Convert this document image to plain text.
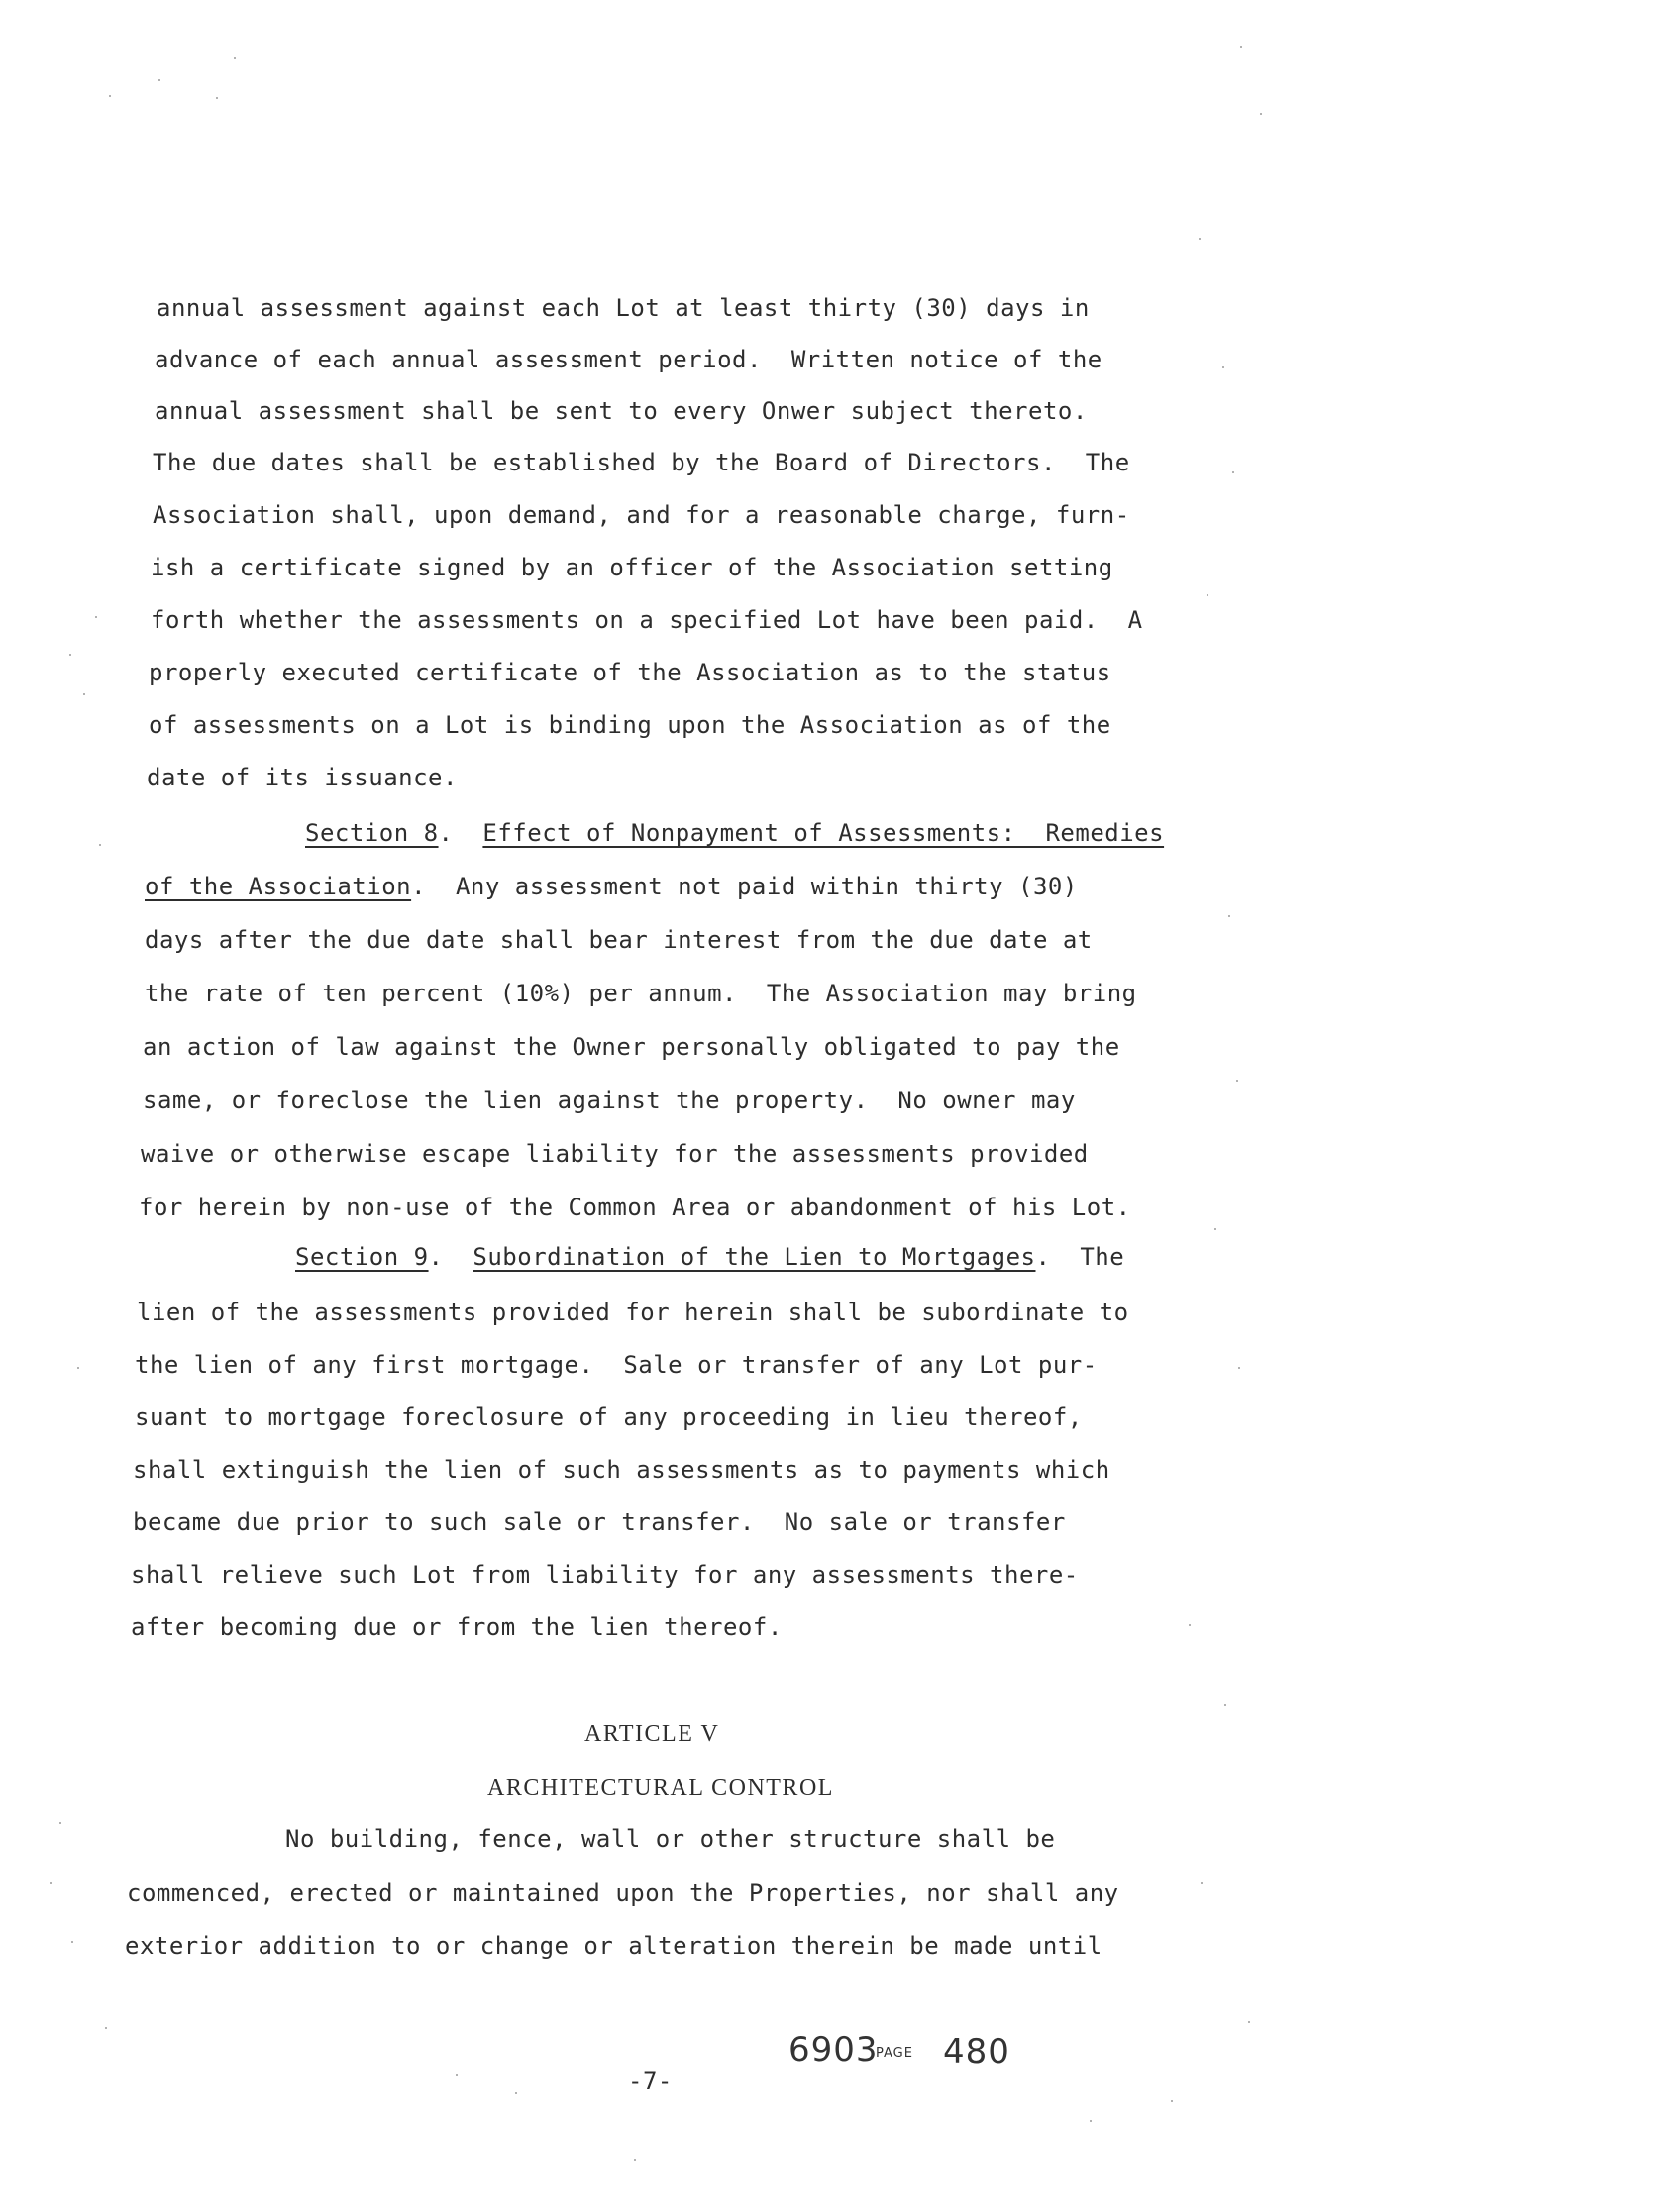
annual assessment against each Lot at least thirty (30) days in
advance of each annual assessment period.  Written notice of the
annual assessment shall be sent to every Onwer subject thereto.
The due dates shall be established by the Board of Directors.  The
Association shall, upon demand, and for a reasonable charge, furn-
ish a certificate signed by an officer of the Association setting
forth whether the assessments on a specified Lot have been paid.  A
properly executed certificate of the Association as to the status
of assessments on a Lot is binding upon the Association as of the
date of its issuance.
Section 8.  Effect of Nonpayment of Assessments:  Remedies
of the Association.  Any assessment not paid within thirty (30)
days after the due date shall bear interest from the due date at
the rate of ten percent (10%) per annum.  The Association may bring
an action of law against the Owner personally obligated to pay the
same, or foreclose the lien against the property.  No owner may
waive or otherwise escape liability for the assessments provided
for herein by non-use of the Common Area or abandonment of his Lot.
Section 9.  Subordination of the Lien to Mortgages.  The
lien of the assessments provided for herein shall be subordinate to
the lien of any first mortgage.  Sale or transfer of any Lot pur-
suant to mortgage foreclosure of any proceeding in lieu thereof,
shall extinguish the lien of such assessments as to payments which
became due prior to such sale or transfer.  No sale or transfer
shall relieve such Lot from liability for any assessments there-
after becoming due or from the lien thereof.
ARTICLE V
ARCHITECTURAL CONTROL
No building, fence, wall or other structure shall be
commenced, erected or maintained upon the Properties, nor shall any
exterior addition to or change or alteration therein be made until
6903
PAGE 480
-7-
